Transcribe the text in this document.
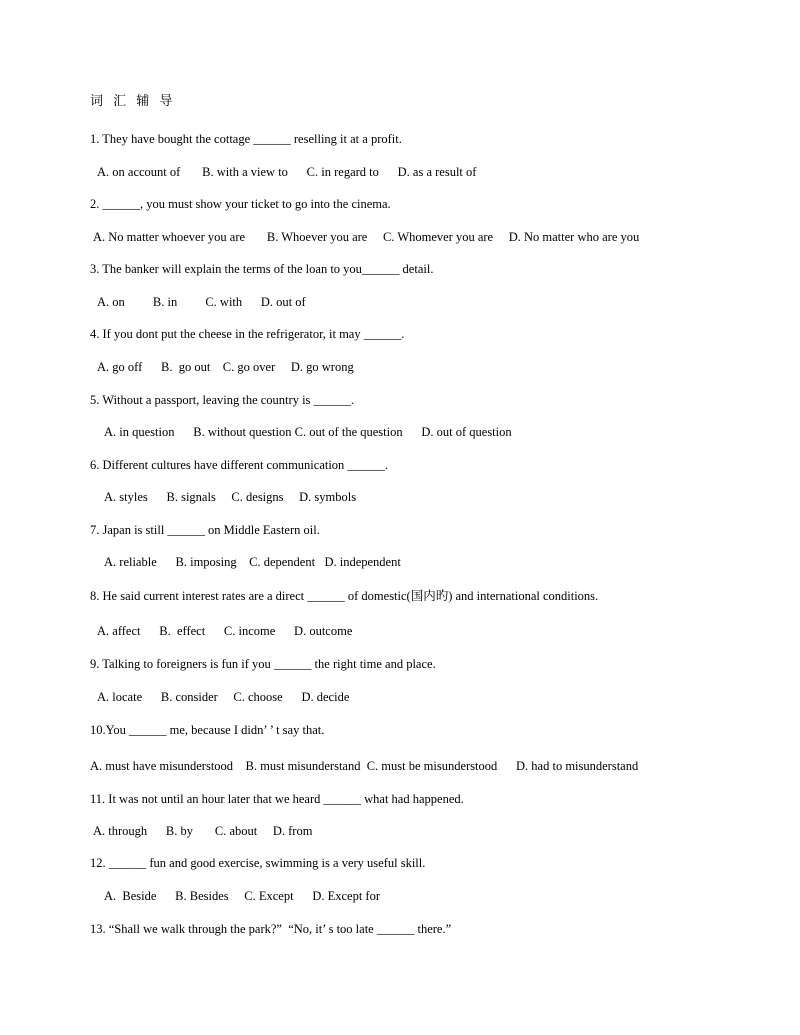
词 汇 辅 导
1. They have bought the cottage ______ reselling it at a profit.
A. on account of       B. with a view to      C. in regard to      D. as a result of
2. ______, you must show your ticket to go into the cinema.
A. No matter whoever you are       B. Whoever you are     C. Whomever you are     D. No matter who are you
3. The banker will explain the terms of the loan to you______ detail.
A. on         B. in         C. with      D. out of
4. If you dont put the cheese in the refrigerator, it may ______.
A. go off      B.  go out    C. go over     D. go wrong
5. Without a passport, leaving the country is ______.
A. in question      B. without question C. out of the question      D. out of question
6. Different cultures have different communication ______.
A. styles      B. signals     C. designs     D. symbols
7. Japan is still ______ on Middle Eastern oil.
A. reliable      B. imposing    C. dependent   D. independent
8. He said current interest rates are a direct ______ of domestic(国内旳) and international conditions.
A. affect      B.  effect      C. income      D. outcome
9. Talking to foreigners is fun if you ______ the right time and place.
A. locate      B. consider     C. choose      D. decide
10.You ______ me, because I didn’ ’ t say that.
A. must have misunderstood    B. must misunderstand  C. must be misunderstood      D. had to misunderstand
11. It was not until an hour later that we heard ______ what had happened.
A. through      B. by       C. about     D. from
12. ______ fun and good exercise, swimming is a very useful skill.
A.  Beside      B. Besides     C. Except      D. Except for
13. “Shall we walk through the park?”  “No, it’ s too late ______ there.”
